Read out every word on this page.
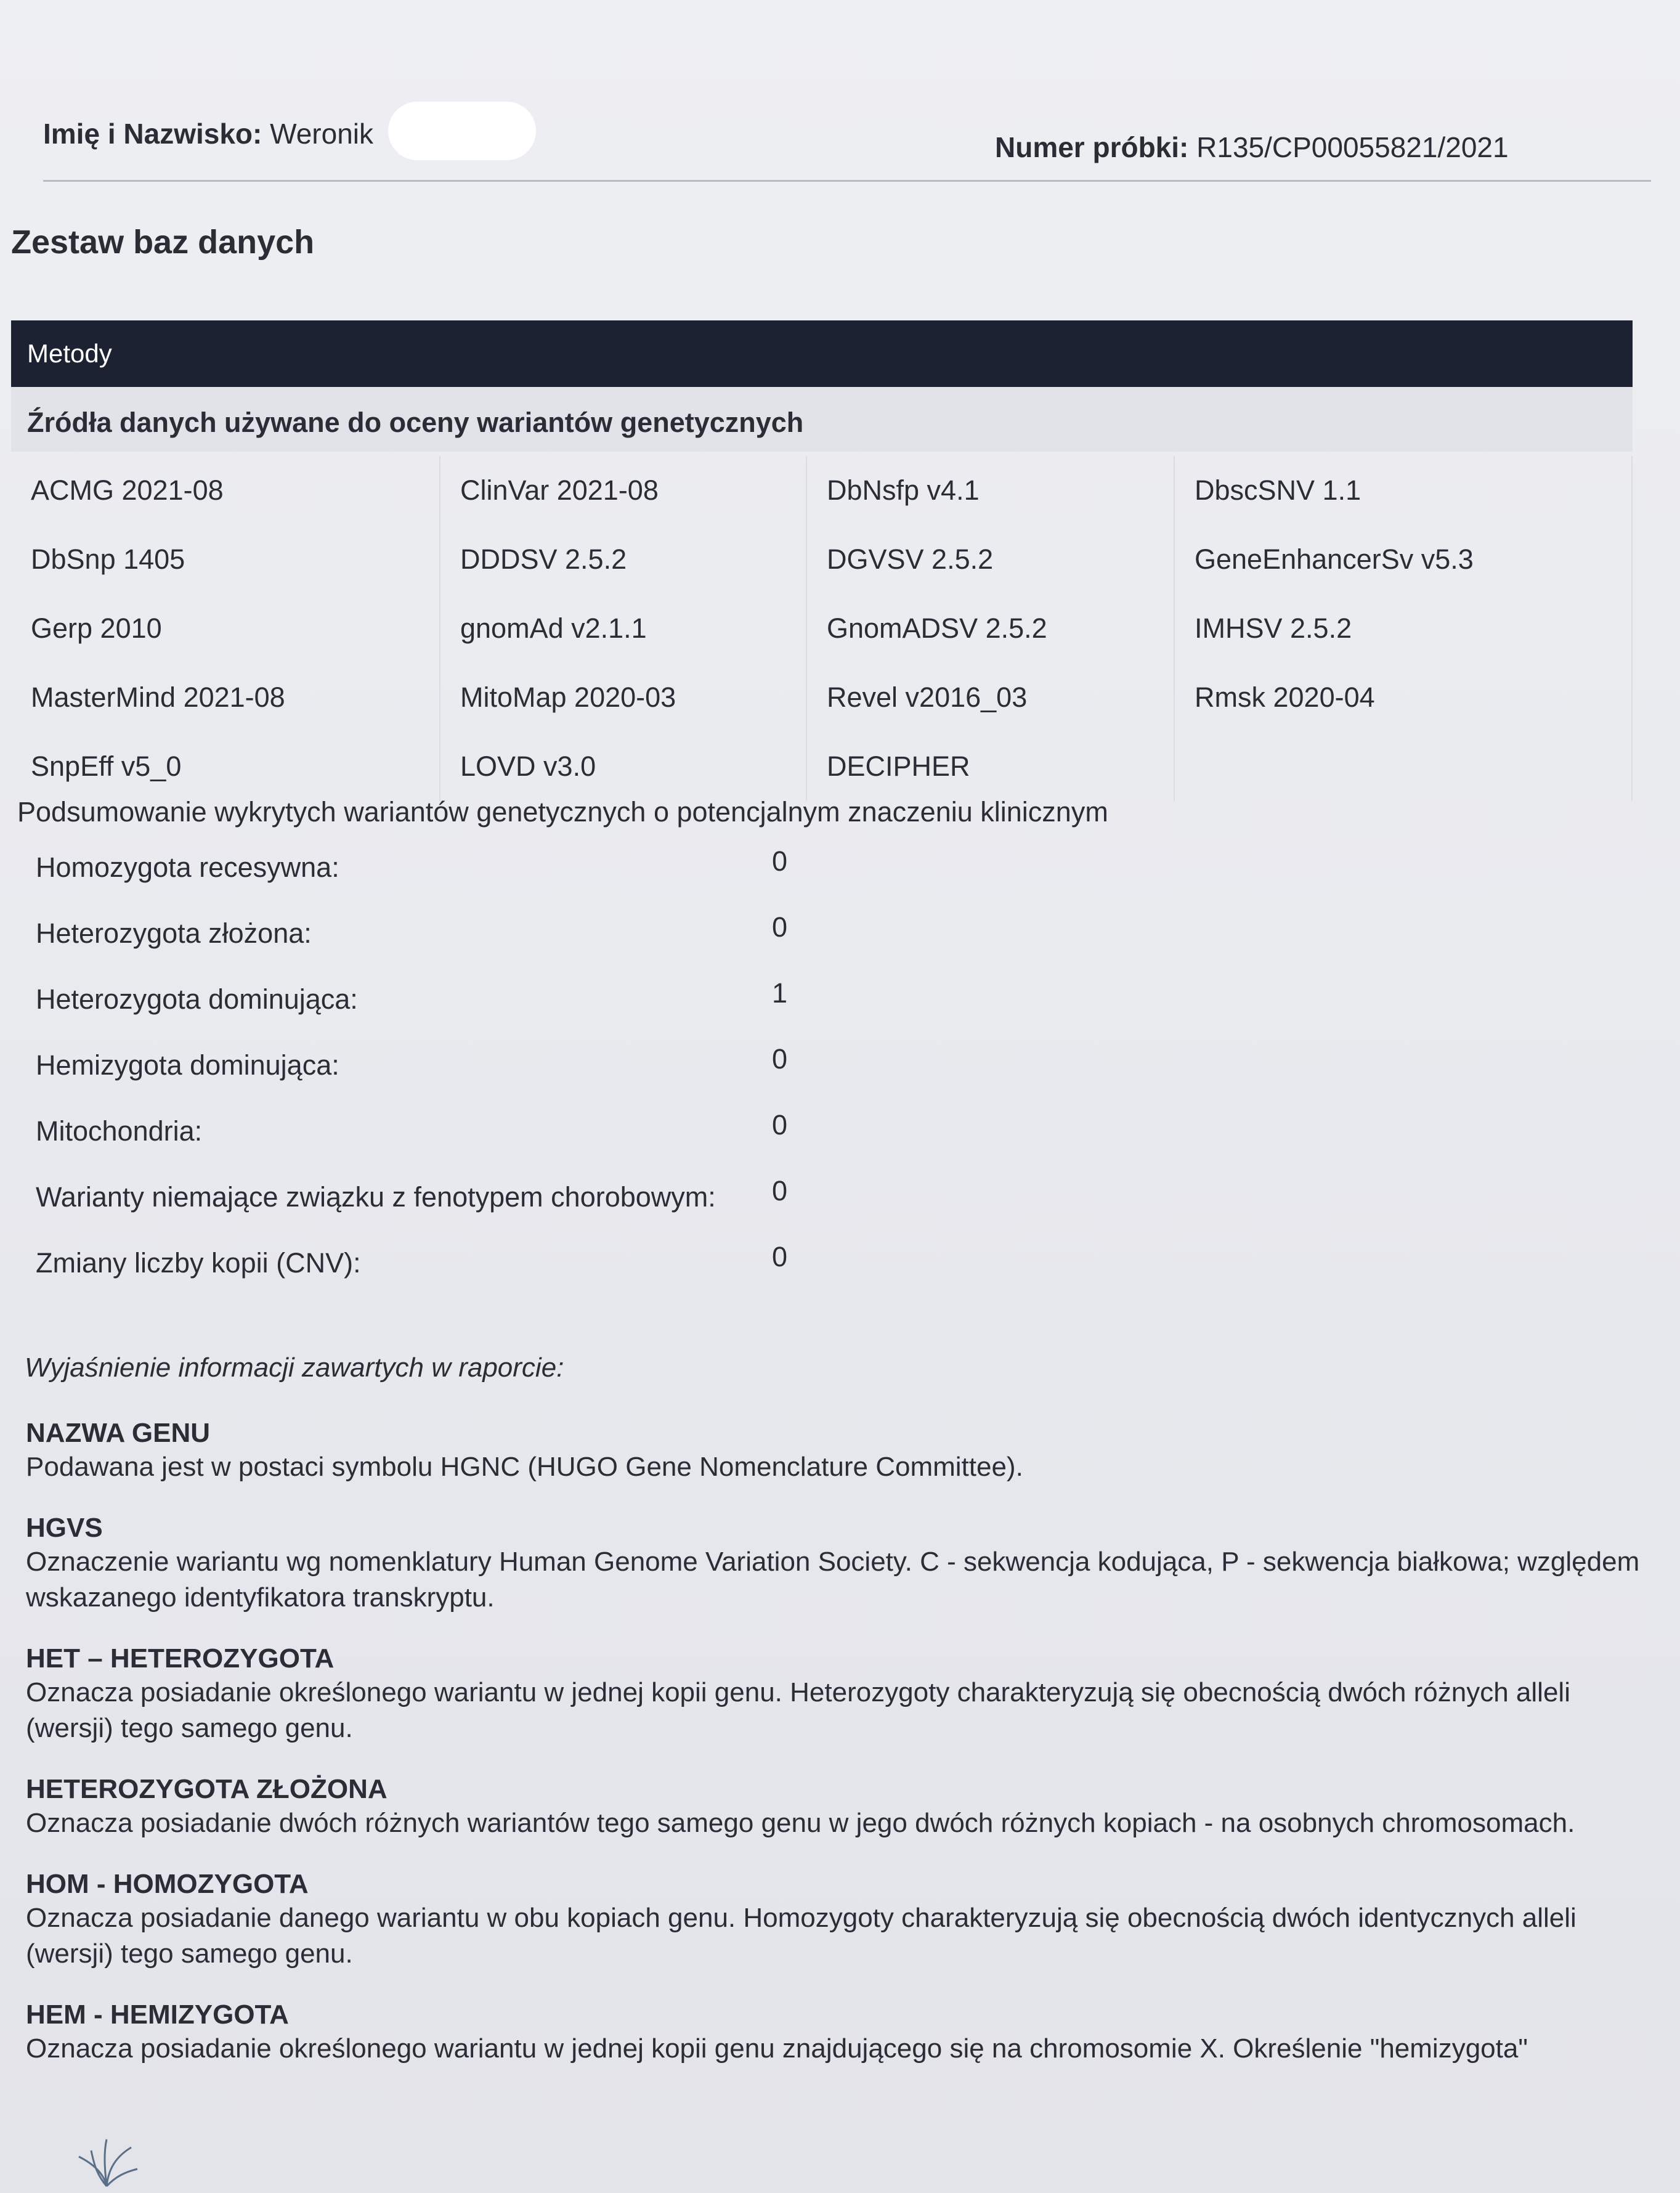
Imię i Nazwisko: Weronik	Numer próbki: R135/CP00055821/2021
Zestaw baz danych
Metody
Źródła danych używane do oceny wariantów genetycznych
ACMG 2021-08	ClinVar 2021-08	DbNsfp v4.1	DbscSNV 1.1
DbSnp 1405	DDDSV 2.5.2	DGVSV 2.5.2	GeneEnhancerSv v5.3
Gerp 2010	gnomAd v2.1.1	GnomADSV 2.5.2	IMHSV 2.5.2
MasterMind 2021-08	MitoMap 2020-03	Revel v2016_03	Rmsk 2020-04
SnpEff v5_0	LOVD v3.0	DECIPHER
Podsumowanie wykrytych wariantów genetycznych o potencjalnym znaczeniu klinicznym
Homozygota recesywna:	0
Heterozygota złożona:	0
Heterozygota dominująca:	1
Hemizygota dominująca:	0
Mitochondria:	0
Warianty niemające związku z fenotypem chorobowym: 0
Zmiany liczby kopii (CNV):	0
Wyjaśnienie informacji zawartych w raporcie:
NAZWA GENU
Podawana jest w postaci symbolu HGNC (HUGO Gene Nomenclature Committee).
HGVS
Oznaczenie wariantu wg nomenklatury Human Genome Variation Society. C - sekwencja kodująca, P - sekwencja białkowa; względem wskazanego identyfikatora transkryptu.
HET – HETEROZYGOTA
Oznacza posiadanie określonego wariantu w jednej kopii genu. Heterozygoty charakteryzują się obecnością dwóch różnych alleli (wersji) tego samego genu.
HETEROZYGOTA ZŁOŻONA
Oznacza posiadanie dwóch różnych wariantów tego samego genu w jego dwóch różnych kopiach - na osobnych chromosomach.
HOM - HOMOZYGOTA
Oznacza posiadanie danego wariantu w obu kopiach genu. Homozygoty charakteryzują się obecnością dwóch identycznych alleli (wersji) tego samego genu.
HEM - HEMIZYGOTA
Oznacza posiadanie określonego wariantu w jednej kopii genu znajdującego się na chromosomie X. Określenie "hemizygota"
